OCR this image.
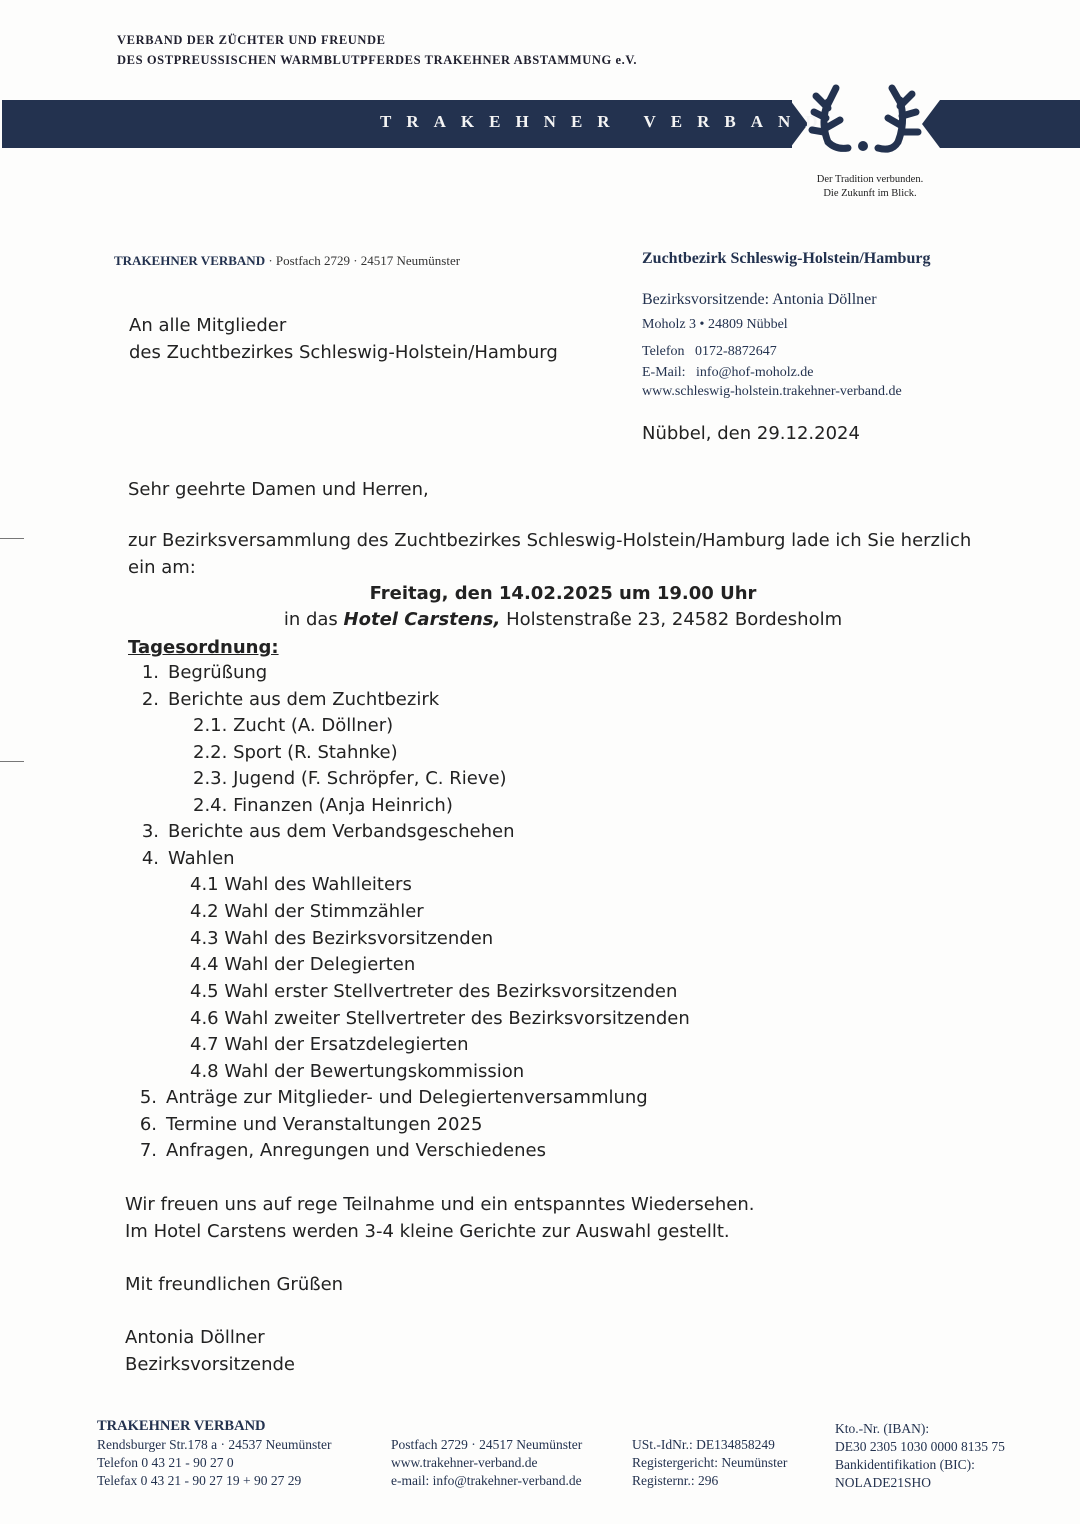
VERBAND DER ZÜCHTER UND FREUNDE
DES OSTPREUSSISCHEN WARMBLUTPFERDES TRAKEHNER ABSTAMMUNG e.V.
TRAKEHNER VERBAND
Der Tradition verbunden.
Die Zukunft im Blick.
TRAKEHNER VERBAND · Postfach 2729 · 24517 Neumünster	Zuchtbezirk Schleswig-Holstein/Hamburg
Bezirksvorsitzende: Antonia Döllner
Moholz 3 • 24809 Nübbel
Telefon   0172-8872647
E-Mail:   info@hof-moholz.de
www.schleswig-holstein.trakehner-verband.de
An alle Mitglieder
des Zuchtbezirkes Schleswig-Holstein/Hamburg
Nübbel, den 29.12.2024
Sehr geehrte Damen und Herren,
zur Bezirksversammlung des Zuchtbezirkes Schleswig-Holstein/Hamburg lade ich Sie herzlich ein am:
Freitag, den 14.02.2025 um 19.00 Uhr
in das Hotel Carstens, Holstenstraße 23, 24582 Bordesholm
Tagesordnung:
1. Begrüßung
2. Berichte aus dem Zuchtbezirk
2.1. Zucht (A. Döllner)
2.2. Sport (R. Stahnke)
2.3. Jugend (F. Schröpfer, C. Rieve)
2.4. Finanzen (Anja Heinrich)
3. Berichte aus dem Verbandsgeschehen
4. Wahlen
4.1 Wahl des Wahlleiters
4.2 Wahl der Stimmzähler
4.3 Wahl des Bezirksvorsitzenden
4.4 Wahl der Delegierten
4.5 Wahl erster Stellvertreter des Bezirksvorsitzenden
4.6 Wahl zweiter Stellvertreter des Bezirksvorsitzenden
4.7 Wahl der Ersatzdelegierten
4.8 Wahl der Bewertungskommission
5. Anträge zur Mitglieder- und Delegiertenversammlung
6. Termine und Veranstaltungen 2025
7. Anfragen, Anregungen und Verschiedenes
Wir freuen uns auf rege Teilnahme und ein entspanntes Wiedersehen.
Im Hotel Carstens werden 3-4 kleine Gerichte zur Auswahl gestellt.
Mit freundlichen Grüßen
Antonia Döllner
Bezirksvorsitzende
TRAKEHNER VERBAND
Rendsburger Str.178 a · 24537 Neumünster
Telefon 0 43 21 - 90 27 0
Telefax 0 43 21 - 90 27 19 + 90 27 29
Postfach 2729 · 24517 Neumünster
www.trakehner-verband.de
e-mail: info@trakehner-verband.de
USt.-IdNr.: DE134858249
Registergericht: Neumünster
Registernr.: 296
Kto.-Nr. (IBAN):
DE30 2305 1030 0000 8135 75
Bankidentifikation (BIC):
NOLADE21SHO
